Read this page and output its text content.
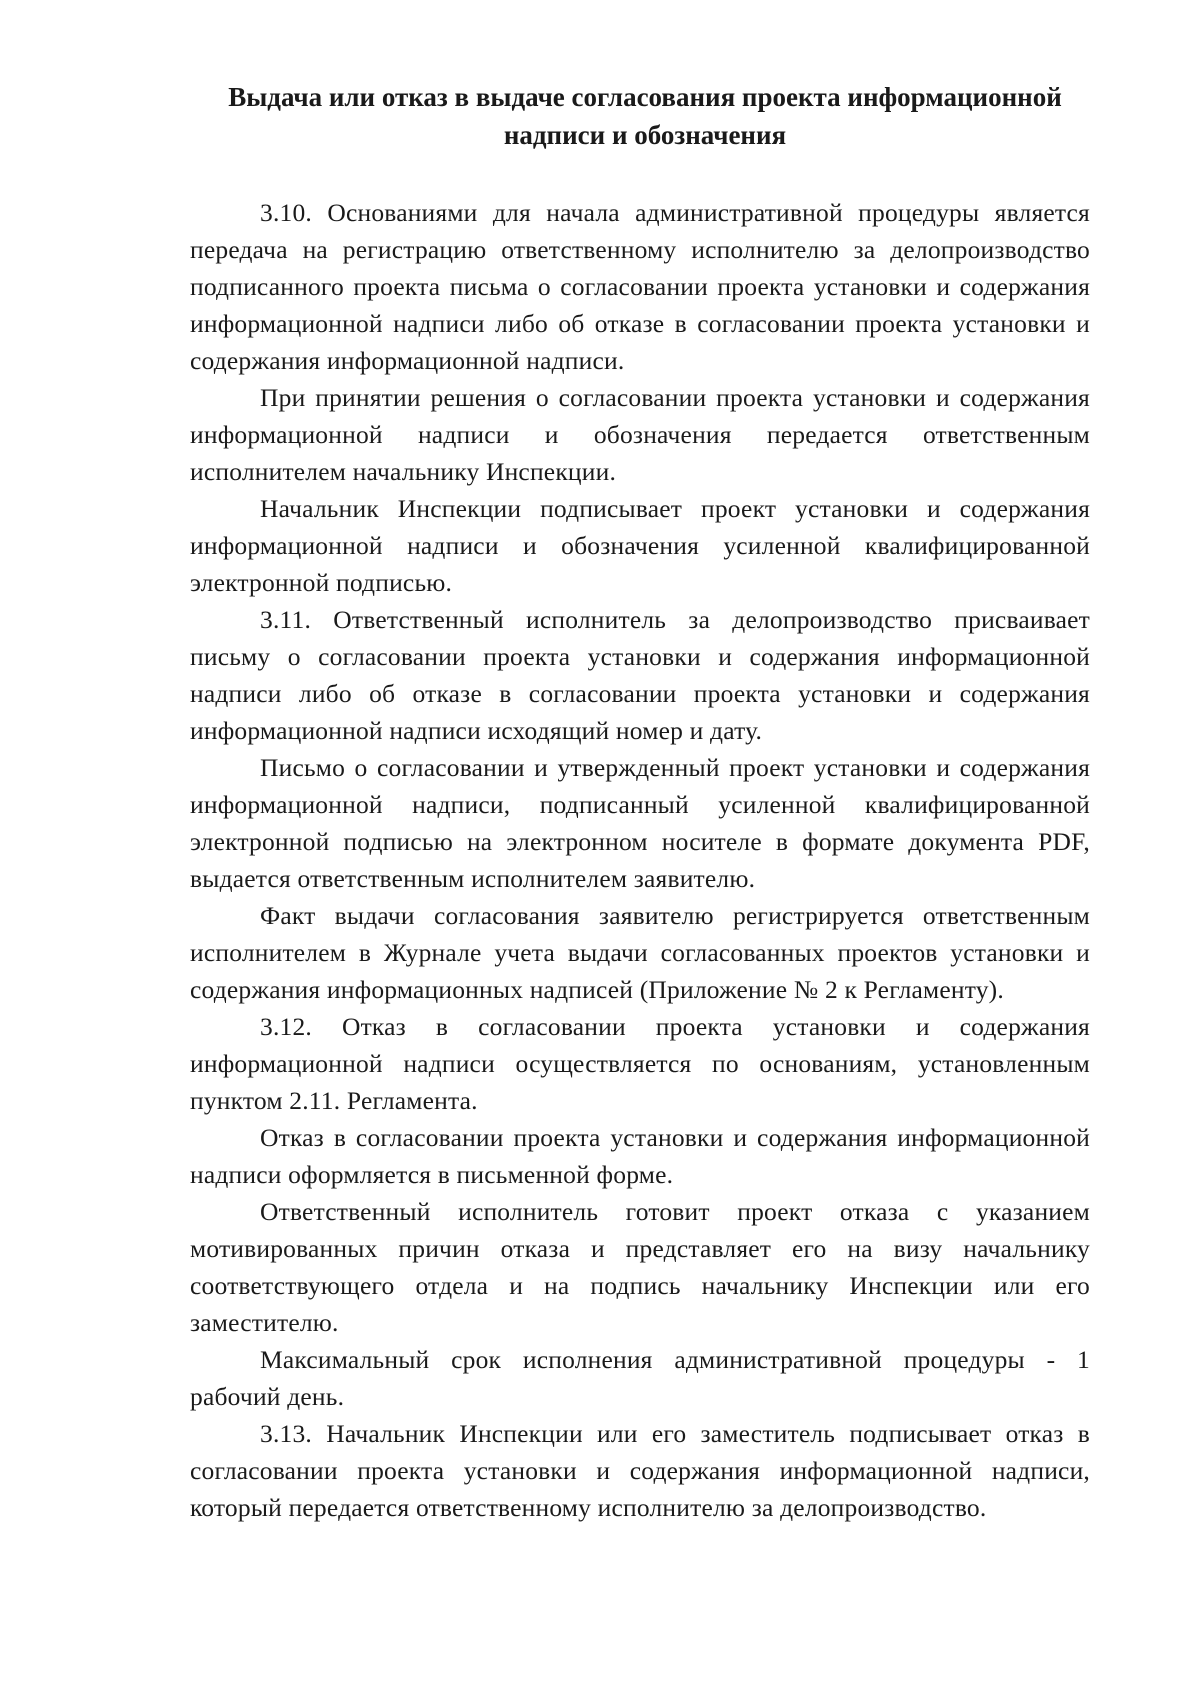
Выдача или отказ в выдаче согласования проекта информационной надписи и обозначения

3.10. Основаниями для начала административной процедуры является передача на регистрацию ответственному исполнителю за делопроизводство подписанного проекта письма о согласовании проекта установки и содержания информационной надписи либо об отказе в согласовании проекта установки и содержания информационной надписи.

При принятии решения о согласовании проекта установки и содержания информационной надписи и обозначения передается ответственным исполнителем начальнику Инспекции.

Начальник Инспекции подписывает проект установки и содержания информационной надписи и обозначения усиленной квалифицированной электронной подписью.

3.11. Ответственный исполнитель за делопроизводство присваивает письму о согласовании проекта установки и содержания информационной надписи либо об отказе в согласовании проекта установки и содержания информационной надписи исходящий номер и дату.

Письмо о согласовании и утвержденный проект установки и содержания информационной надписи, подписанный усиленной квалифицированной электронной подписью на электронном носителе в формате документа PDF, выдается ответственным исполнителем заявителю.

Факт выдачи согласования заявителю регистрируется ответственным исполнителем в Журнале учета выдачи согласованных проектов установки и содержания информационных надписей (Приложение № 2 к Регламенту).

3.12. Отказ в согласовании проекта установки и содержания информационной надписи осуществляется по основаниям, установленным пунктом 2.11. Регламента.

Отказ в согласовании проекта установки и содержания информационной надписи оформляется в письменной форме.

Ответственный исполнитель готовит проект отказа с указанием мотивированных причин отказа и представляет его на визу начальнику соответствующего отдела и на подпись начальнику Инспекции или его заместителю.

Максимальный срок исполнения административной процедуры - 1 рабочий день.

3.13. Начальник Инспекции или его заместитель подписывает отказ в согласовании проекта установки и содержания информационной надписи, который передается ответственному исполнителю за делопроизводство.
